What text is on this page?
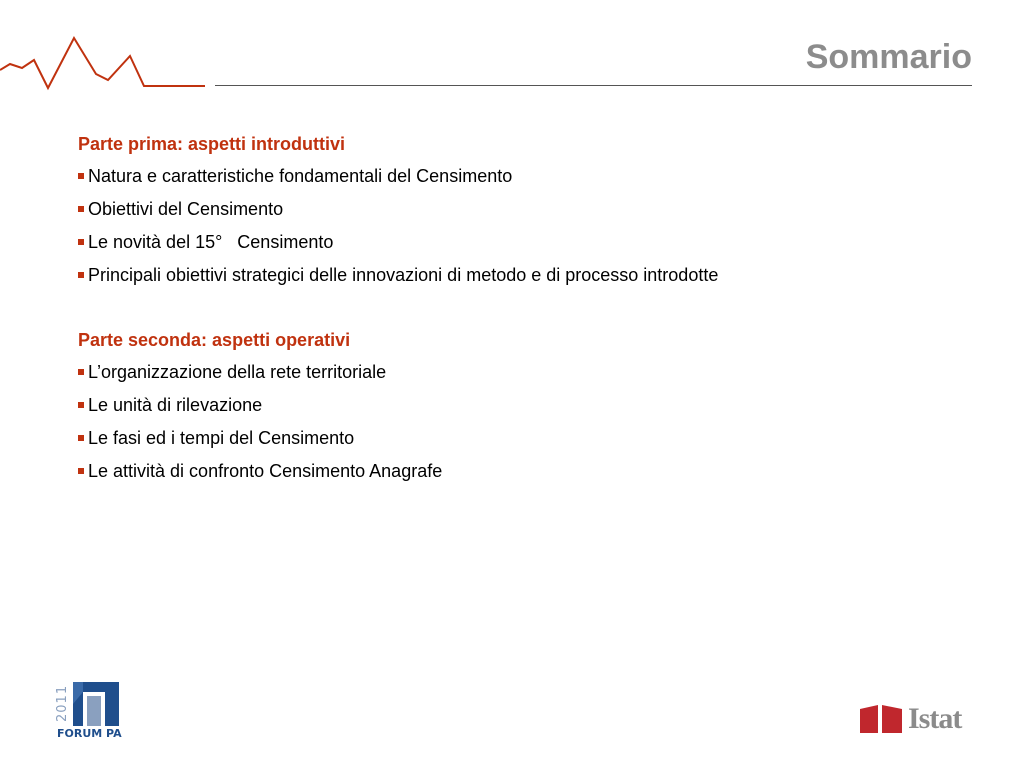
Sommario
Parte prima: aspetti introduttivi
Natura e caratteristiche fondamentali del Censimento
Obiettivi del Censimento
Le novità del 15°   Censimento
Principali obiettivi strategici delle innovazioni di metodo e di processo introdotte
Parte seconda: aspetti operativi
L’organizzazione della rete territoriale
Le unità di rilevazione
Le fasi ed i tempi del Censimento
Le attività di confronto Censimento Anagrafe
2011
FORUM PA	Istat
